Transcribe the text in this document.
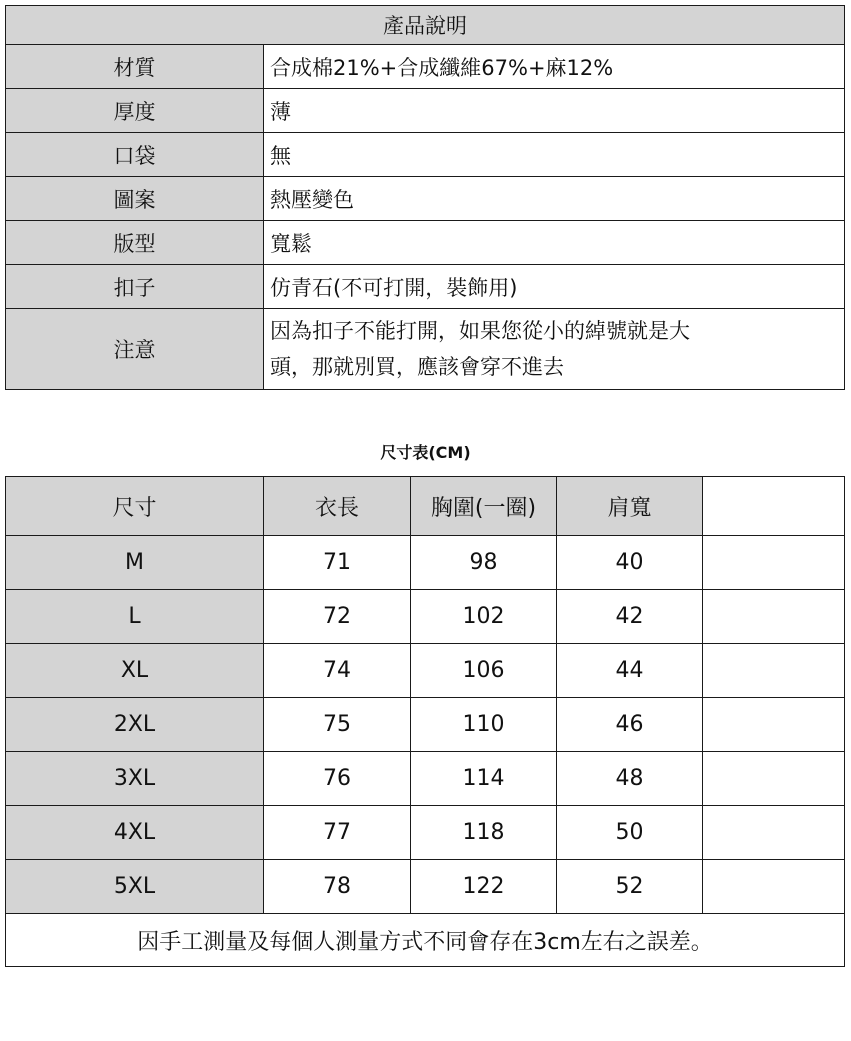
產品說明	
材質	合成棉21%+合成纖維67%+麻12%
厚度	薄
口袋	無
圖案	熱壓變色
版型	寬鬆
扣子	仿青石(不可打開，裝飾用)
注意	因為扣子不能打開，如果您從小的綽號就是大
頭，那就別買，應該會穿不進去
尺寸表(CM)
尺寸	衣長	胸圍(一圈)	肩寬	
M	71	98	40	
L	72	102	42	
XL	74	106	44	
2XL	75	110	46	
3XL	76	114	48	
4XL	77	118	50	
5XL	78	122	52	
因手工測量及每個人測量方式不同會存在3cm左右之誤差。				
